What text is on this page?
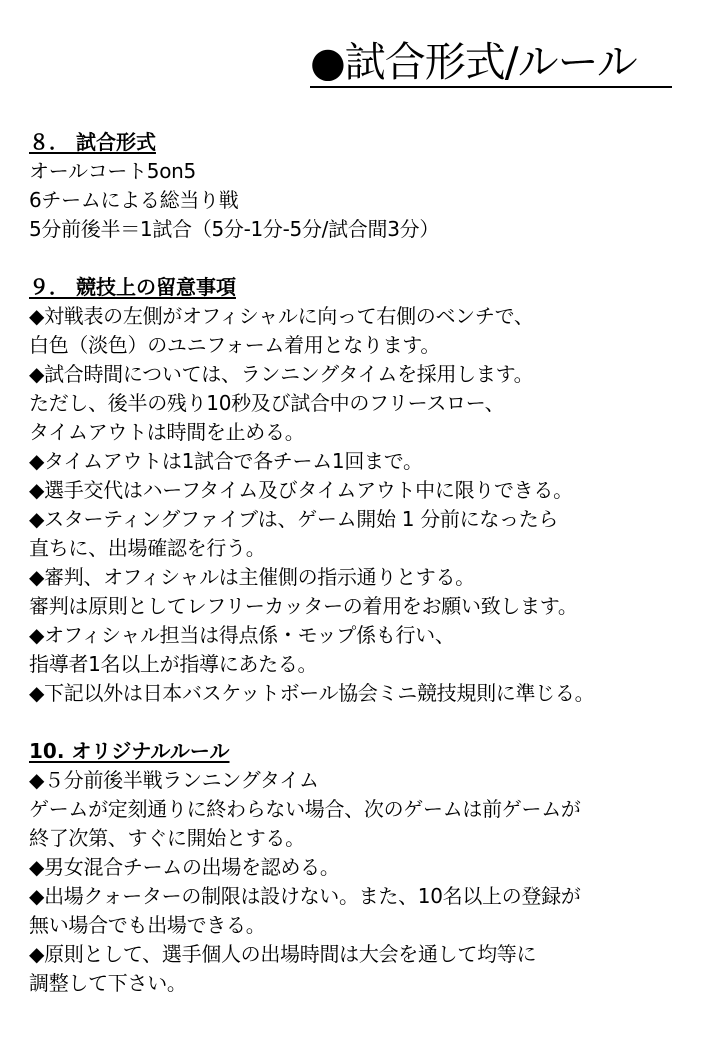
●試合形式/ルール
８． 試合形式
オールコート5on5
6チームによる総当り戦
5分前後半＝1試合（5分-1分-5分/試合間3分）
９． 競技上の留意事項
◆対戦表の左側がオフィシャルに向って右側のベンチで、
白色（淡色）のユニフォーム着用となります。
◆試合時間については、ランニングタイムを採用します。
ただし、後半の残り10秒及び試合中のフリースロー、
タイムアウトは時間を止める。
◆タイムアウトは1試合で各チーム1回まで。
◆選手交代はハーフタイム及びタイムアウト中に限りできる。
◆スターティングファイブは、ゲーム開始 1 分前になったら
直ちに、出場確認を行う。
◆審判、オフィシャルは主催側の指示通りとする。
審判は原則としてレフリーカッターの着用をお願い致します。
◆オフィシャル担当は得点係・モップ係も行い、
指導者1名以上が指導にあたる。
◆下記以外は日本バスケットボール協会ミニ競技規則に準じる。
10. オリジナルルール
◆５分前後半戦ランニングタイム
ゲームが定刻通りに終わらない場合、次のゲームは前ゲームが
終了次第、すぐに開始とする。
◆男女混合チームの出場を認める。
◆出場クォーターの制限は設けない。また、10名以上の登録が
無い場合でも出場できる。
◆原則として、選手個人の出場時間は大会を通して均等に
調整して下さい。
